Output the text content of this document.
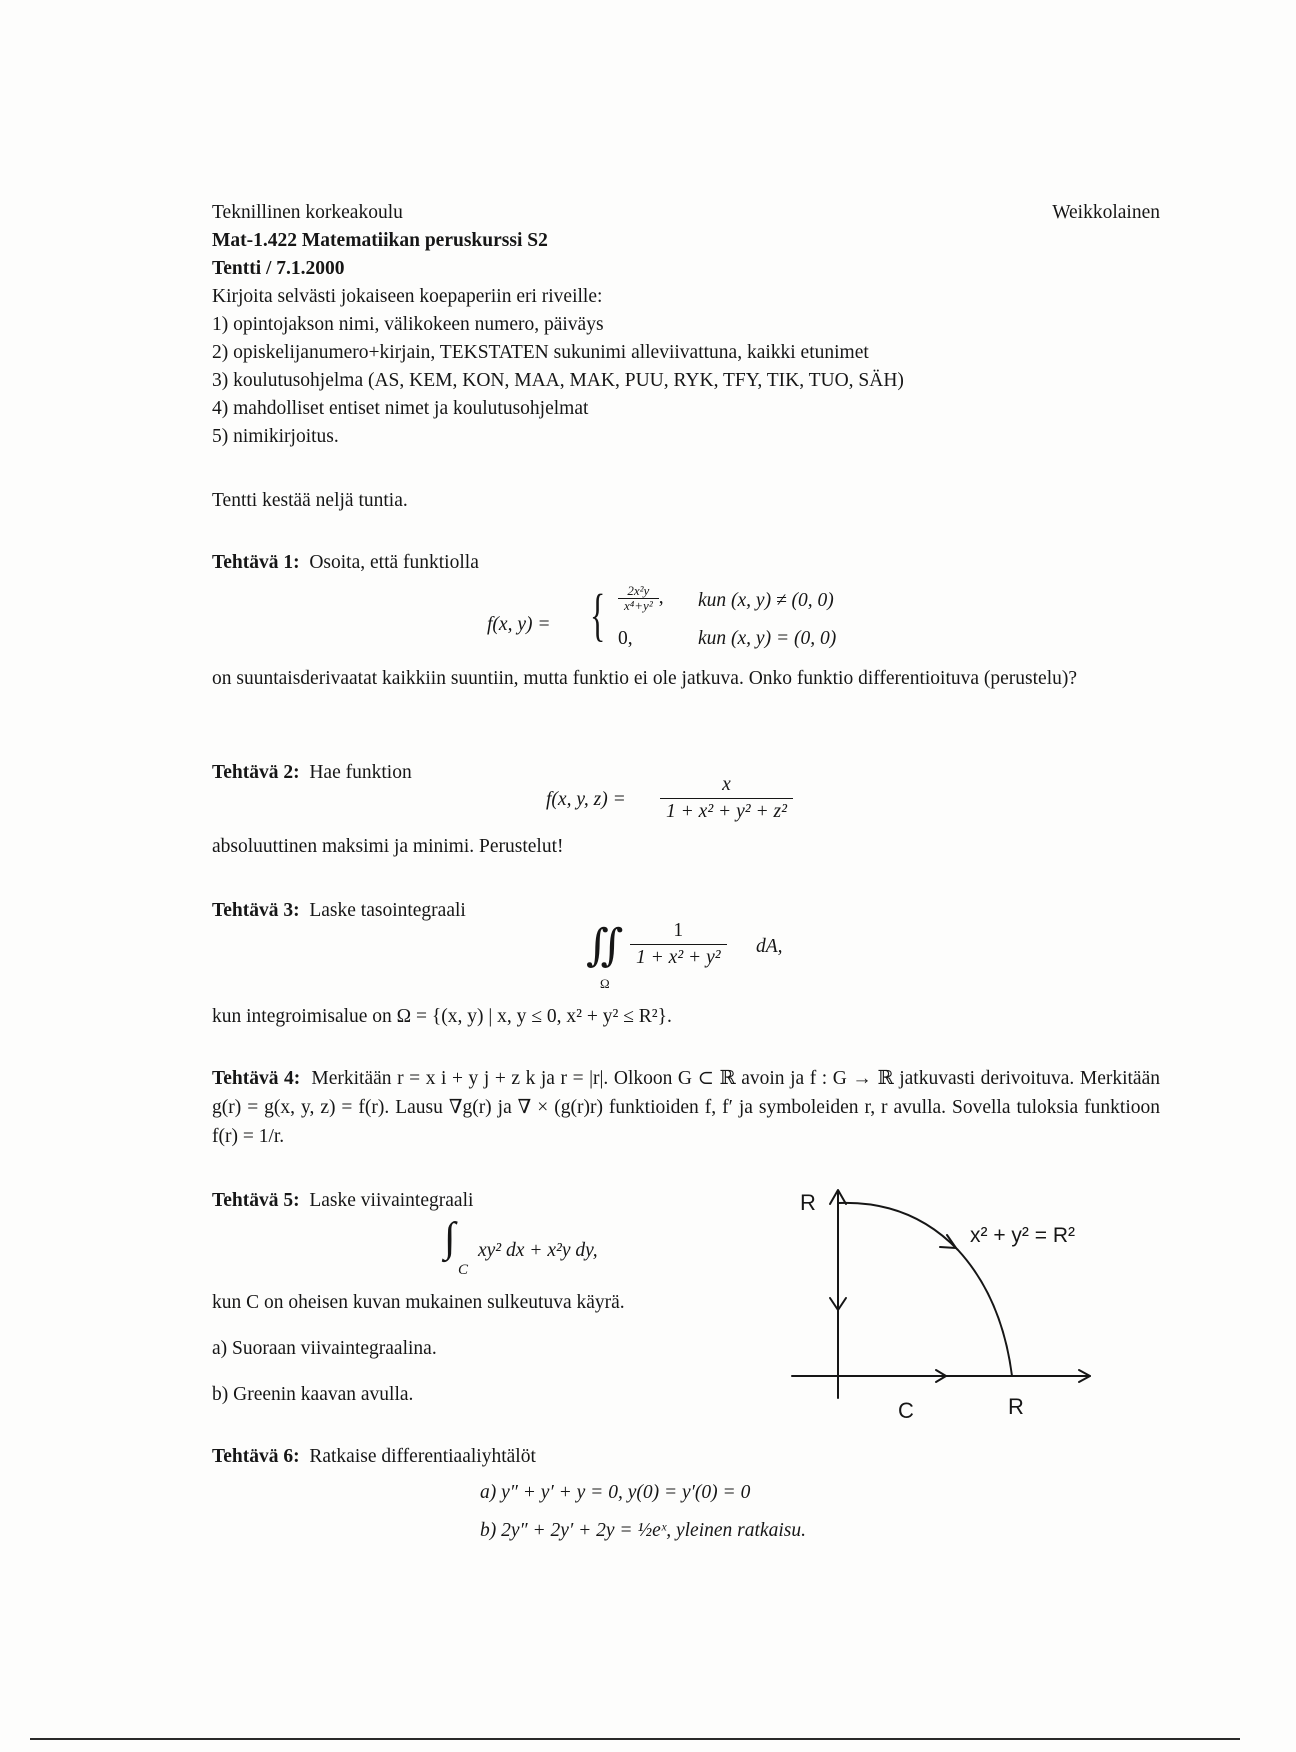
Teknillinen korkeakoulu	Weikkolainen
Mat-1.422 Matematiikan peruskurssi S2
Tentti / 7.1.2000
Kirjoita selvästi jokaiseen koepaperiin eri riveille:
1) opintojakson nimi, välikokeen numero, päiväys
2) opiskelijanumero+kirjain, TEKSTATEN sukunimi alleviivattuna, kaikki etunimet
3) koulutusohjelma (AS, KEM, KON, MAA, MAK, PUU, RYK, TFY, TIK, TUO, SÄH)
4) mahdolliset entiset nimet ja koulutusohjelmat
5) nimikirjoitus.
Tentti kestää neljä tuntia.
Tehtävä 1: Osoita, että funktiolla
f(x, y) = { $\frac{\text{2x²y}}{\text{x⁴+y²}}$ , kun (x, y) ≠ (0, 0)
0,	kun (x, y) = (0, 0)
on suuntaisderivaatat kaikkiin suuntiin, mutta funktio ei ole jatkuva. Onko funktio differentioituva (perustelu)?
Tehtävä 2: Hae funktion
f(x, y, $z) = \frac{x}{\text{1 + x² + y² + z²}}$
absoluuttinen maksimi ja minimi. Perustelut!
Tehtävä 3: Laske tasointegraali
∬
Ω
$\frac{1}{\text{1 + x² + y²}}$ dA,
kun integroimisalue on Ω = {(x, y) | x, y ≤ 0, x² + y² ≤ R²}.
Tehtävä 4: Merkitään r = x i + y j + z k ja r = |r|. Olkoon G ⊂ ℝ avoin ja f : G → ℝ jatkuvasti derivoituva. Merkitään g(r) = g(x, y, z) = f(r). Lausu ∇g(r) ja ∇ × (g(r)r) funktioiden f, f′ ja symboleiden r, r avulla. Sovella tuloksia funktioon f(r) = 1/r.
Tehtävä 5: Laske viivaintegraali
∫
C
xy² dx + x²y dy,
kun C on oheisen kuvan mukainen sulkeutuva käyrä.
a) Suoraan viivaintegraalina.
b) Greenin kaavan avulla.
R
R
C
x² + y² = R²
Tehtävä 6: Ratkaise differentiaaliyhtälöt
a) y″ + y′ + y = 0, y(0) = y′(0) = 0
b) 2y″ + 2y′ + 2y = ½eˣ, yleinen ratkaisu.
